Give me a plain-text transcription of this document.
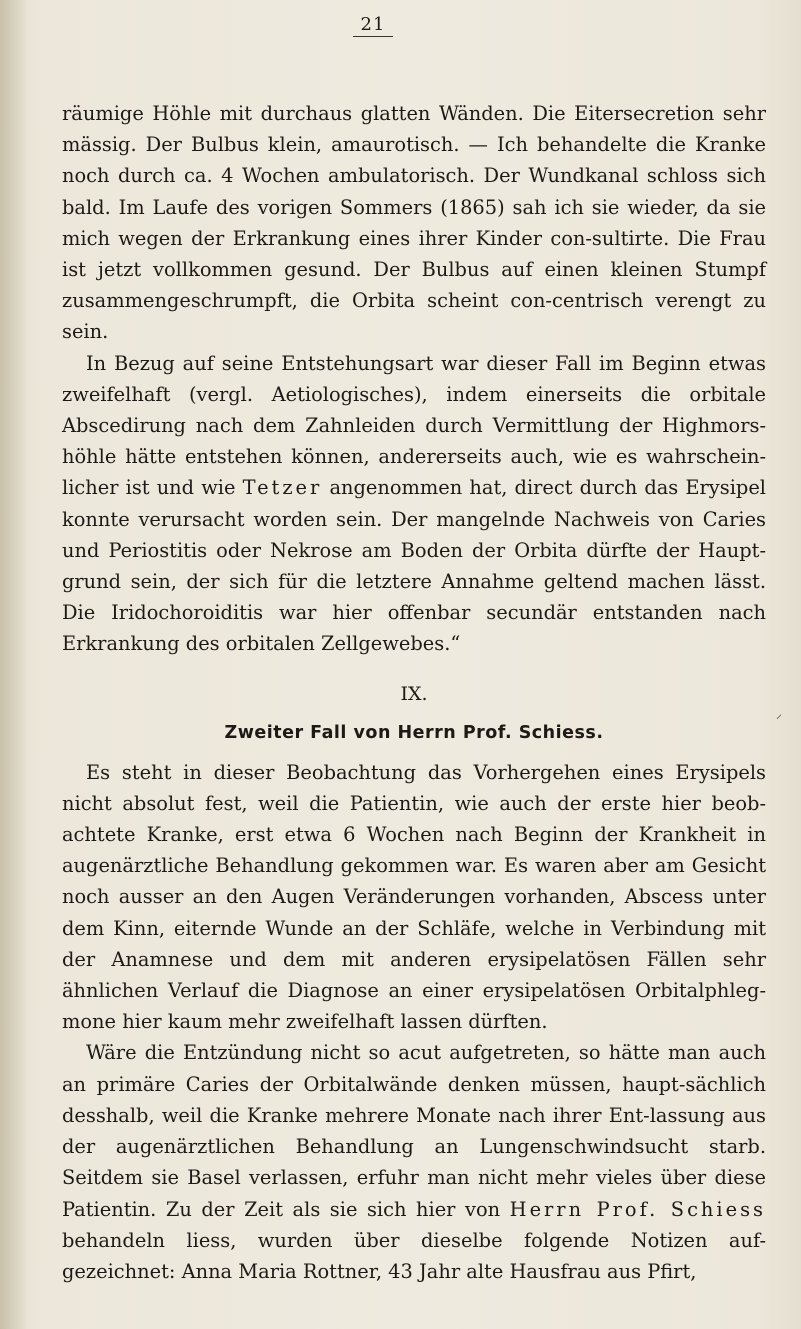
21

räumige Höhle mit durchaus glatten Wänden. Die Eitersecretion sehr mässig. Der Bulbus klein, amaurotisch. — Ich behandelte die Kranke noch durch ca. 4 Wochen ambulatorisch. Der Wundkanal schloss sich bald. Im Laufe des vorigen Sommers (1865) sah ich sie wieder, da sie mich wegen der Erkrankung eines ihrer Kinder con-sultirte. Die Frau ist jetzt vollkommen gesund. Der Bulbus auf einen kleinen Stumpf zusammengeschrumpft, die Orbita scheint con-centrisch verengt zu sein.

In Bezug auf seine Entstehungsart war dieser Fall im Beginn etwas zweifelhaft (vergl. Aetiologisches), indem einerseits die orbitale Abscedirung nach dem Zahnleiden durch Vermittlung der Highmors-höhle hätte entstehen können, andererseits auch, wie es wahrschein-licher ist und wie Tetzer angenommen hat, direct durch das Erysipel konnte verursacht worden sein. Der mangelnde Nachweis von Caries und Periostitis oder Nekrose am Boden der Orbita dürfte der Haupt-grund sein, der sich für die letztere Annahme geltend machen lässt. Die Iridochoroiditis war hier offenbar secundär entstanden nach Erkrankung des orbitalen Zellgewebes.“

IX.
Zweiter Fall von Herrn Prof. Schiess.

Es steht in dieser Beobachtung das Vorhergehen eines Erysipels nicht absolut fest, weil die Patientin, wie auch der erste hier beob-achtete Kranke, erst etwa 6 Wochen nach Beginn der Krankheit in augenärztliche Behandlung gekommen war. Es waren aber am Gesicht noch ausser an den Augen Veränderungen vorhanden, Abscess unter dem Kinn, eiternde Wunde an der Schläfe, welche in Verbindung mit der Anamnese und dem mit anderen erysipelatösen Fällen sehr ähnlichen Verlauf die Diagnose an einer erysipelatösen Orbitalphleg-mone hier kaum mehr zweifelhaft lassen dürften.

Wäre die Entzündung nicht so acut aufgetreten, so hätte man auch an primäre Caries der Orbitalwände denken müssen, haupt-sächlich desshalb, weil die Kranke mehrere Monate nach ihrer Ent-lassung aus der augenärztlichen Behandlung an Lungenschwindsucht starb. Seitdem sie Basel verlassen, erfuhr man nicht mehr vieles über diese Patientin. Zu der Zeit als sie sich hier von Herrn Prof. Schiess behandeln liess, wurden über dieselbe folgende Notizen auf-gezeichnet: Anna Maria Rottner, 43 Jahr alte Hausfrau aus Pfirt,

⸝
